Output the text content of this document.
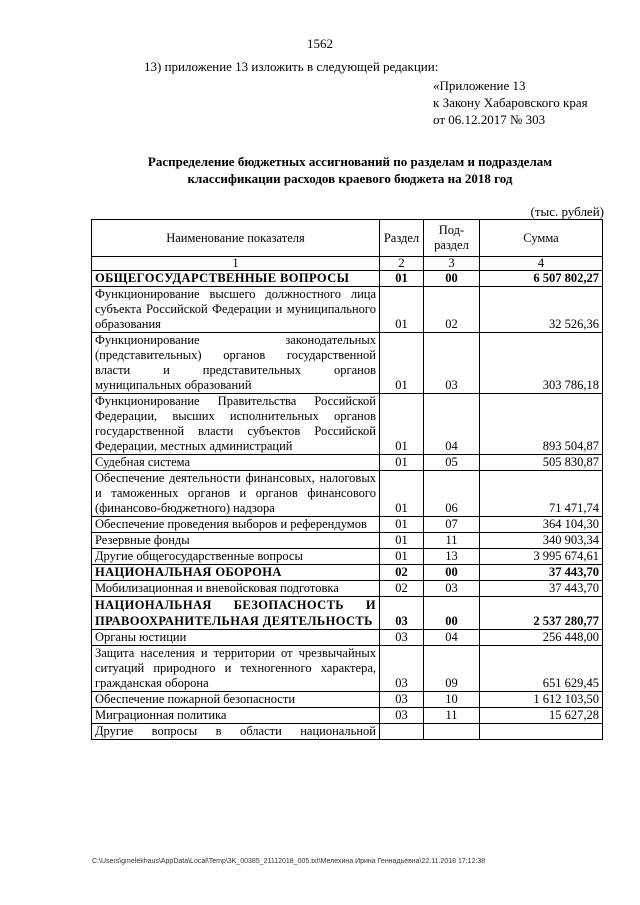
1562
13) приложение 13 изложить в следующей редакции:
«Приложение 13
к Закону Хабаровского края
от 06.12.2017 № 303
Распределение бюджетных ассигнований по разделам и подразделам
классификации расходов краевого бюджета на 2018 год
(тыс. рублей)
Наименование показателя	Раздел	Под-раздел	Сумма
1	2	3	4
ОБЩЕГОСУДАРСТВЕННЫЕ ВОПРОСЫ	01	00	6 507 802,27
Функционирование высшего должностного лица субъекта Российской Федерации и муниципального образования	01	02	32 526,36
Функционирование законодательных (представительных) органов государственной власти и представительных органов муниципальных образований	01	03	303 786,18
Функционирование Правительства Российской Федерации, высших исполнительных органов государственной власти субъектов Российской Федерации, местных администраций	01	04	893 504,87
Судебная система	01	05	505 830,87
Обеспечение деятельности финансовых, налоговых и таможенных органов и органов финансового (финансово-бюджетного) надзора	01	06	71 471,74
Обеспечение проведения выборов и референдумов	01	07	364 104,30
Резервные фонды	01	11	340 903,34
Другие общегосударственные вопросы	01	13	3 995 674,61
НАЦИОНАЛЬНАЯ ОБОРОНА	02	00	37 443,70
Мобилизационная и вневойсковая подготовка	02	03	37 443,70
НАЦИОНАЛЬНАЯ БЕЗОПАСНОСТЬ И ПРАВООХРАНИТЕЛЬНАЯ ДЕЯТЕЛЬНОСТЬ	03	00	2 537 280,77
Органы юстиции	03	04	256 448,00
Защита населения и территории от чрезвычайных ситуаций природного и техногенного характера, гражданская оборона	03	09	651 629,45
Обеспечение пожарной безопасности	03	10	1 612 103,50
Миграционная политика	03	11	15 627,28
Другие вопросы в области национальной			
C:\Users\gmelekhaus\AppData\Local\Temp\3K_00385_21112018_005.txt\Мелехина Ирина Геннадьевна\22.11.2018 17:12:38
